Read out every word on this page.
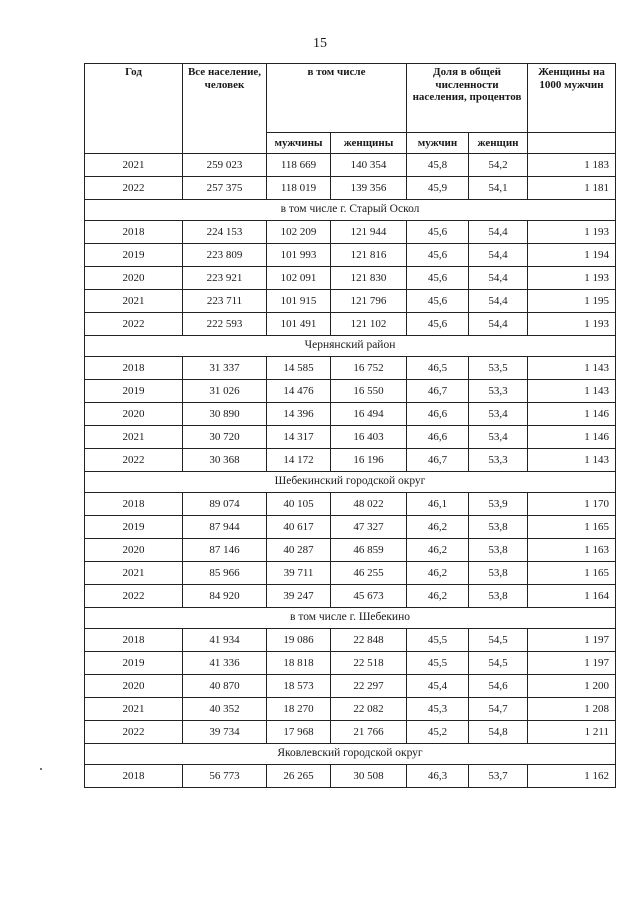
15
Год	Все население, человек	в том числе		Доля в общей численности населения, процентов		Женщины на 1000 мужчин
		мужчины	женщины	мужчин	женщин	
2021	259 023	118 669	140 354	45,8	54,2	1 183
2022	257 375	118 019	139 356	45,9	54,1	1 181
в том числе г. Старый Оскол						
2018	224 153	102 209	121 944	45,6	54,4	1 193
2019	223 809	101 993	121 816	45,6	54,4	1 194
2020	223 921	102 091	121 830	45,6	54,4	1 193
2021	223 711	101 915	121 796	45,6	54,4	1 195
2022	222 593	101 491	121 102	45,6	54,4	1 193
Чернянский район						
2018	31 337	14 585	16 752	46,5	53,5	1 143
2019	31 026	14 476	16 550	46,7	53,3	1 143
2020	30 890	14 396	16 494	46,6	53,4	1 146
2021	30 720	14 317	16 403	46,6	53,4	1 146
2022	30 368	14 172	16 196	46,7	53,3	1 143
Шебекинский городской округ						
2018	89 074	40 105	48 022	46,1	53,9	1 170
2019	87 944	40 617	47 327	46,2	53,8	1 165
2020	87 146	40 287	46 859	46,2	53,8	1 163
2021	85 966	39 711	46 255	46,2	53,8	1 165
2022	84 920	39 247	45 673	46,2	53,8	1 164
в том числе г. Шебекино						
2018	41 934	19 086	22 848	45,5	54,5	1 197
2019	41 336	18 818	22 518	45,5	54,5	1 197
2020	40 870	18 573	22 297	45,4	54,6	1 200
2021	40 352	18 270	22 082	45,3	54,7	1 208
2022	39 734	17 968	21 766	45,2	54,8	1 211
Яковлевский городской округ						
2018	56 773	26 265	30 508	46,3	53,7	1 162
